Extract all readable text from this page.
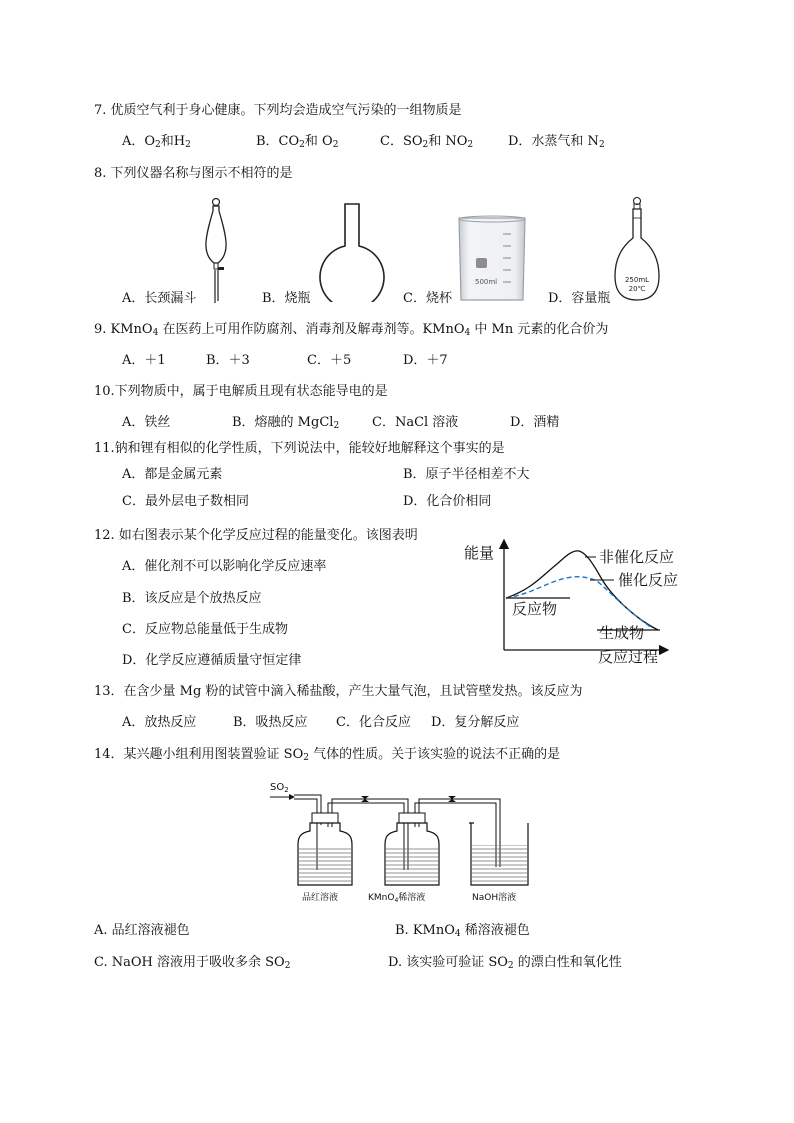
7. 优质空气利于身心健康。下列均会造成空气污染的一组物质是
A．$O_2$和$H_2$	B．$CO_2$和 $O_2$	C．$SO_2$和 $NO_2$	D．水蒸气和 $N_2$
8. 下列仪器名称与图示不相符的是
A．长颈漏斗	B．烧瓶
500ml
C．烧杯
250mL
20℃
D．容量瓶
9. KMnO$_4$ 在医药上可用作防腐剂、消毒剂及解毒剂等。KMnO$_4$ 中 Mn 元素的化合价为
A．＋1	B．＋3	C．＋5	D．＋7
10.下列物质中，属于电解质且现有状态能导电的是
A．铁丝	B．熔融的 MgCl$_2$	C．NaCl 溶液	D．酒精
11.钠和锂有相似的化学性质，下列说法中，能较好地解释这个事实的是
A．都是金属元素	B．原子半径相差不大
C．最外层电子数相同	D．化合价相同
12. 如右图表示某个化学反应过程的能量变化。该图表明
A．催化剂不可以影响化学反应速率
B．该反应是个放热反应
C．反应物总能量低于生成物
D．化学反应遵循质量守恒定律
能量
反应过程
非催化反应
催化反应
反应物
生成物
13．在含少量 Mg 粉的试管中滴入稀盐酸，产生大量气泡，且试管壁发热。该反应为
A．放热反应	B．吸热反应 C．化合反应 D．复分解反应
14．某兴趣小组利用图装置验证 $SO_2$ 气体的性质。关于该实验的说法不正确的是
$SO_2$
品红溶液	KMnO$_4$稀溶液	NaOH溶液
A. 品红溶液褪色	B. KMnO$_4$ 稀溶液褪色
C. NaOH 溶液用于吸收多余 $SO_2$	D. 该实验可验证 $SO_2$ 的漂白性和氧化性
